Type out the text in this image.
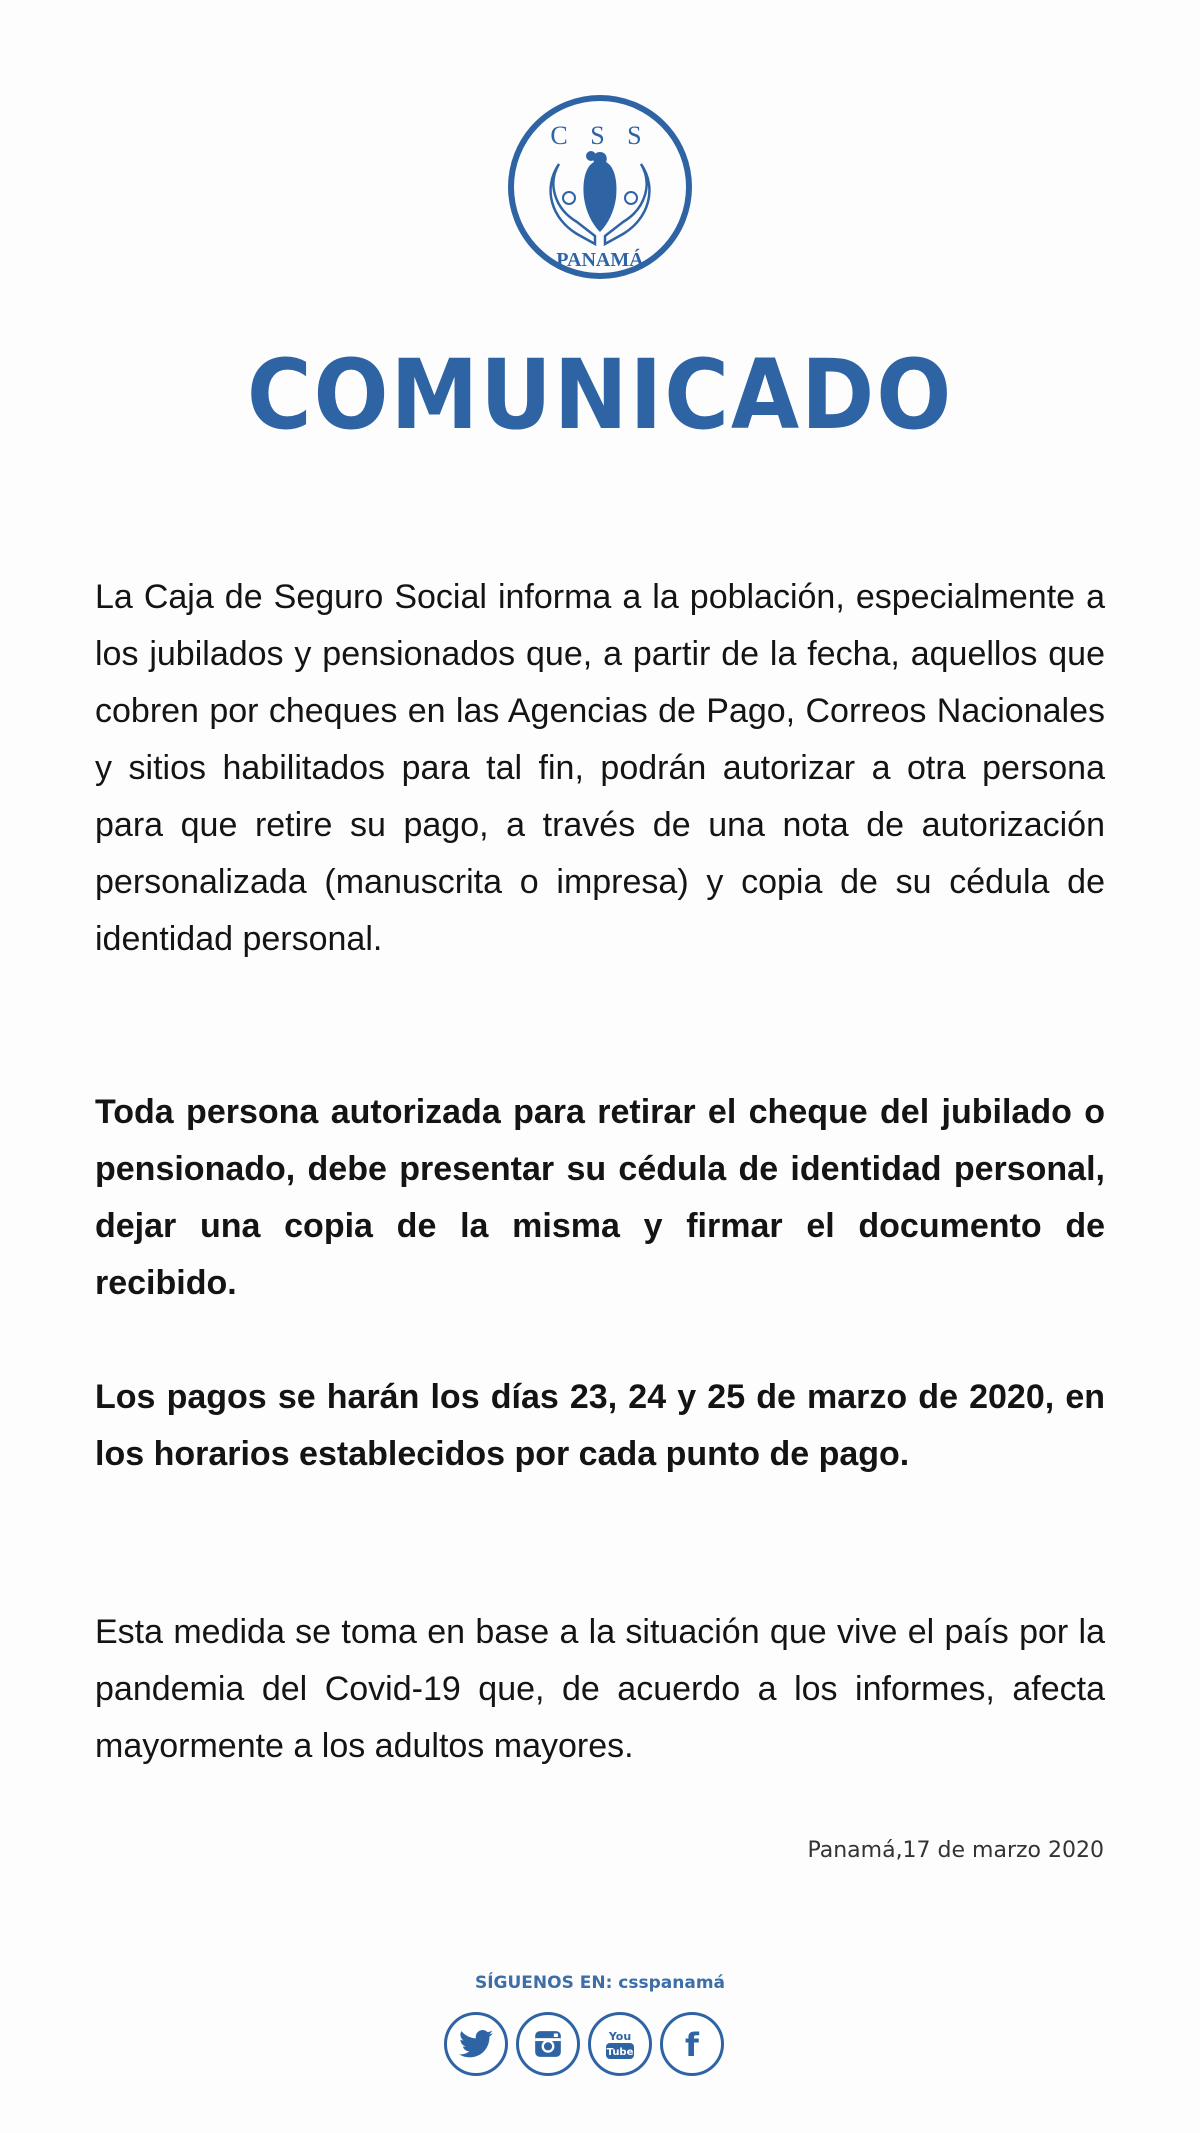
C S S
PANAMÁ
COMUNICADO

La Caja de Seguro Social informa a la población, especialmente a los jubilados y pensionados que, a partir de la fecha, aquellos que cobren por cheques en las Agencias de Pago, Correos Nacionales y sitios habilitados para tal fin, podrán autorizar a otra persona para que retire su pago, a través de una nota de autorización personalizada (manuscrita o impresa) y copia de su cédula de identidad personal.

Toda persona autorizada para retirar el cheque del jubilado o pensionado, debe presentar su cédula de identidad personal, dejar una copia de la misma y firmar el documento de recibido.

Los pagos se harán los días 23, 24 y 25 de marzo de 2020, en los horarios establecidos por cada punto de pago.

Esta medida se toma en base a la situación que vive el país por la pandemia del Covid-19 que, de acuerdo a los informes, afecta mayormente a los adultos mayores.

Panamá,17 de marzo 2020
SÍGUENOS EN: csspanamá
You
Tube f
